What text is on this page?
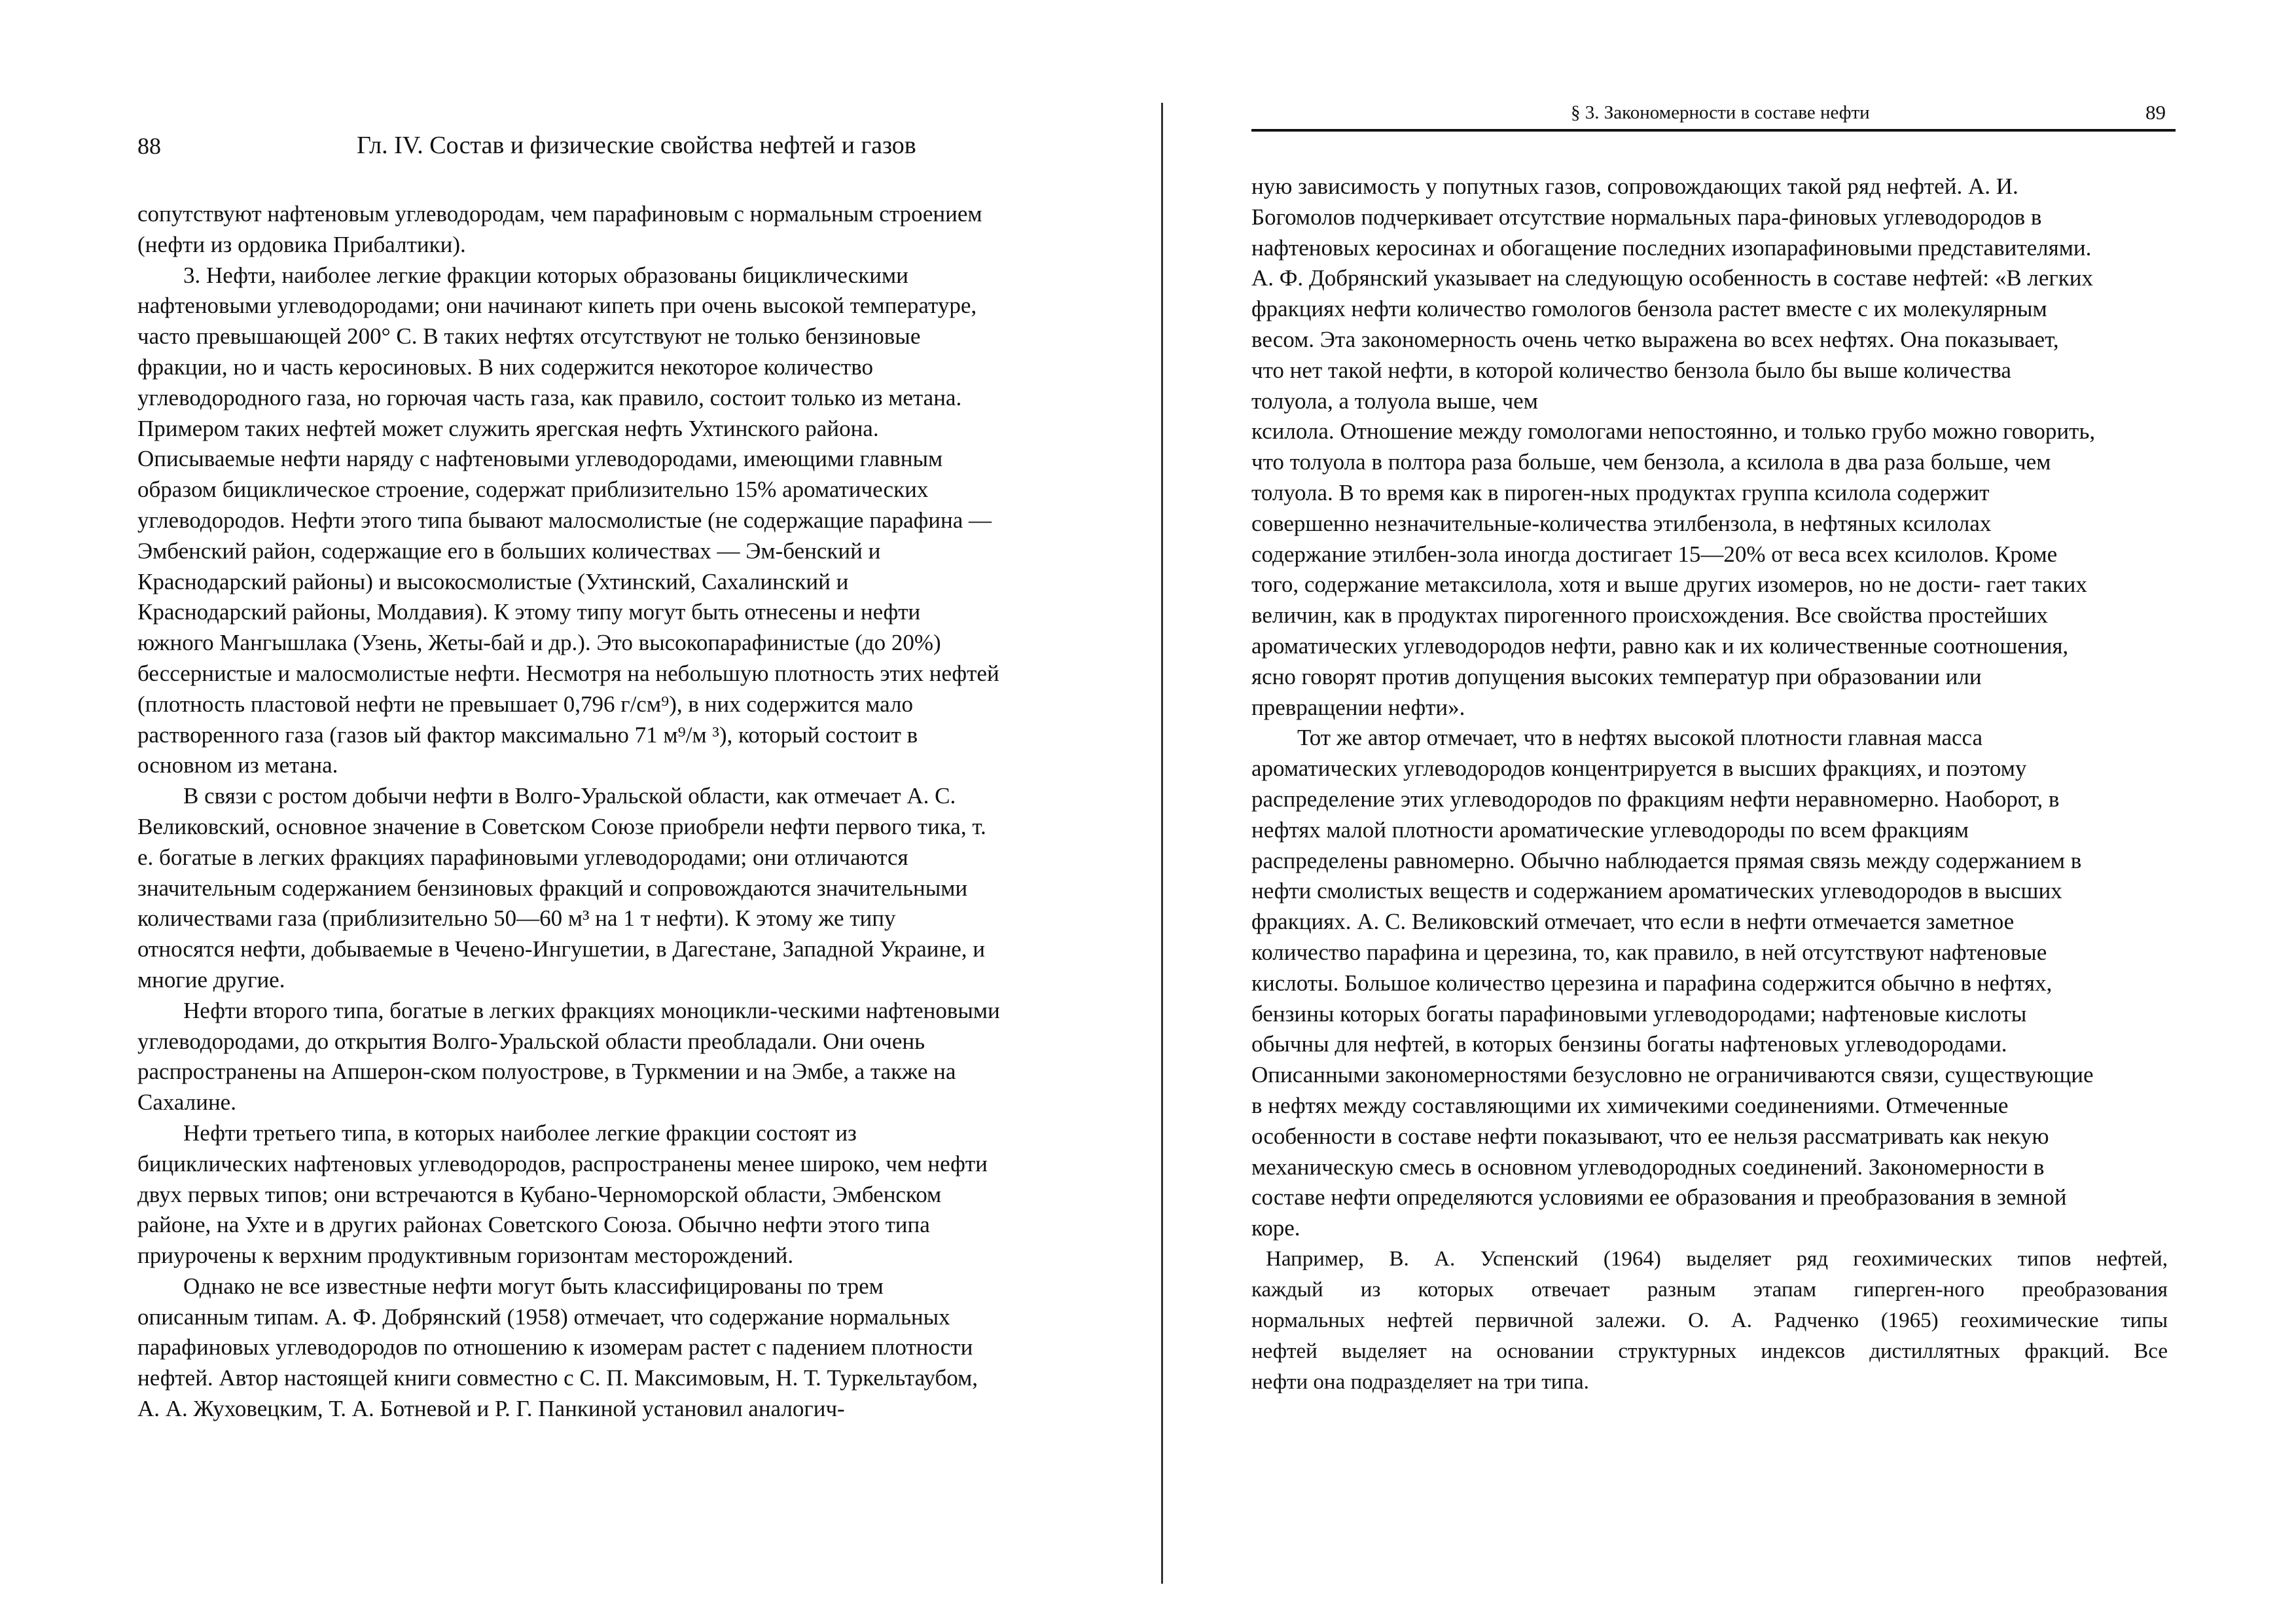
88	Гл. IV. Состав и физические свойства нефтей и газов
сопутствуют нафтеновым углеводородам, чем парафиновым с нормальным строением
(нефти из ордовика Прибалтики).
3. Нефти, наиболее легкие фракции которых образованы бициклическими
нафтеновыми углеводородами; они начинают кипеть при очень высокой температуре,
часто превышающей 200° С. В таких нефтях отсутствуют не только бензиновые
фракции, но и часть керосиновых. В них содержится некоторое количество
углеводородного газа, но горючая часть газа, как правило, состоит только из метана.
Примером таких нефтей может служить ярегская нефть Ухтинского района.
Описываемые нефти наряду с нафтеновыми углеводородами, имеющими главным
образом бициклическое строение, содержат приблизительно 15% ароматических
углеводородов. Нефти этого типа бывают малосмолистые (не содержащие парафина —
Эмбенский район, содержащие его в больших количествах — Эм-бенский и
Краснодарский районы) и высокосмолистые (Ухтинский, Сахалинский и
Краснодарский районы, Молдавия). К этому типу могут быть отнесены и нефти
южного Мангышлака (Узень, Жеты-бай и др.). Это высокопарафинистые (до 20%)
бессернистые и малосмолистые нефти. Несмотря на небольшую плотность этих нефтей
(плотность пластовой нефти не превышает 0,796 г/см⁹), в них содержится мало
растворенного газа (газов ый фактор максимально 71 м⁹/м ³), который состоит в
основном из метана.
В связи с ростом добычи нефти в Волго-Уральской области, как отмечает А. С.
Великовский, основное значение в Советском Союзе приобрели нефти первого тика, т.
е. богатые в легких фракциях парафиновыми углеводородами; они отличаются
значительным содержанием бензиновых фракций и сопровождаются значительными
количествами газа (приблизительно 50—60 м³ на 1 т нефти). К этому же типу
относятся нефти, добываемые в Чечено-Ингушетии, в Дагестане, Западной Украине, и
многие другие.
Нефти второго типа, богатые в легких фракциях моноцикли-ческими нафтеновыми
углеводородами, до открытия Волго-Уральской области преобладали. Они очень
распространены на Апшерон-ском полуострове, в Туркмении и на Эмбе, а также на
Сахалине.
Нефти третьего типа, в которых наиболее легкие фракции состоят из
бициклических нафтеновых углеводородов, распространены менее широко, чем нефти
двух первых типов; они встречаются в Кубано-Черноморской области, Эмбенском
районе, на Ухте и в других районах Советского Союза. Обычно нефти этого типа
приурочены к верхним продуктивным горизонтам месторождений.
Однако не все известные нефти могут быть классифицированы по трем
описанным типам. А. Ф. Добрянский (1958) отмечает, что содержание нормальных
парафиновых углеводородов по отношению к изомерам растет с падением плотности
нефтей. Автор настоящей книги совместно с С. П. Максимовым, Н. Т. Туркельтаубом,
А. А. Жуховецким, Т. А. Ботневой и Р. Г. Панкиной установил аналогич-
§ 3. Закономерности в составе нефти	89
ную зависимость у попутных газов, сопровождающих такой ряд нефтей. А. И.
Богомолов подчеркивает отсутствие нормальных пара-финовых углеводородов в
нафтеновых керосинах и обогащение последних изопарафиновыми представителями.
А. Ф. Добрянский указывает на следующую особенность в составе нефтей: «В легких
фракциях нефти количество гомологов бензола растет вместе с их молекулярным
весом. Эта закономерность очень четко выражена во всех нефтях. Она показывает,
что нет такой нефти, в которой количество бензола было бы выше количества
толуола, а толуола выше, чем
ксилола. Отношение между гомологами непостоянно, и только грубо можно говорить,
что толуола в полтора раза больше, чем бензола, а ксилола в два раза больше, чем
толуола. В то время как в пироген-ных продуктах группа ксилола содержит
совершенно незначительные-количества этилбензола, в нефтяных ксилолах
содержание этилбен-зола иногда достигает 15—20% от веса всех ксилолов. Кроме
того, содержание метаксилола, хотя и выше других изомеров, но не дости- гает таких
величин, как в продуктах пирогенного происхождения. Все свойства простейших
ароматических углеводородов нефти, равно как и их количественные соотношения,
ясно говорят против допущения высоких температур при образовании или
превращении нефти».
Тот же автор отмечает, что в нефтях высокой плотности главная масса
ароматических углеводородов концентрируется в высших фракциях, и поэтому
распределение этих углеводородов по фракциям нефти неравномерно. Наоборот, в
нефтях малой плотности ароматические углеводороды по всем фракциям
распределены равномерно. Обычно наблюдается прямая связь между содержанием в
нефти смолистых веществ и содержанием ароматических углеводородов в высших
фракциях. А. С. Великовский отмечает, что если в нефти отмечается заметное
количество парафина и церезина, то, как правило, в ней отсутствуют нафтеновые
кислоты. Большое количество церезина и парафина содержится обычно в нефтях,
бензины которых богаты парафиновыми углеводородами; нафтеновые кислоты
обычны для нефтей, в которых бензины богаты нафтеновых углеводородами.
Описанными закономерностями безусловно не ограничиваются связи, существующие
в нефтях между составляющими их химичекими соединениями. Отмеченные
особенности в составе нефти показывают, что ее нельзя рассматривать как некую
механическую смесь в основном углеводородных соединений. Закономерности в
составе нефти определяются условиями ее образования и преобразования в земной
коре.
Например, В. А. Успенский (1964) выделяет ряд геохимических типов нефтей,
каждый из которых отвечает разным этапам гиперген-ного преобразования
нормальных нефтей первичной залежи. О. А. Радченко (1965) геохимические типы
нефтей выделяет на основании структурных индексов дистиллятных фракций. Все
нефти она подразделяет на три типа.
